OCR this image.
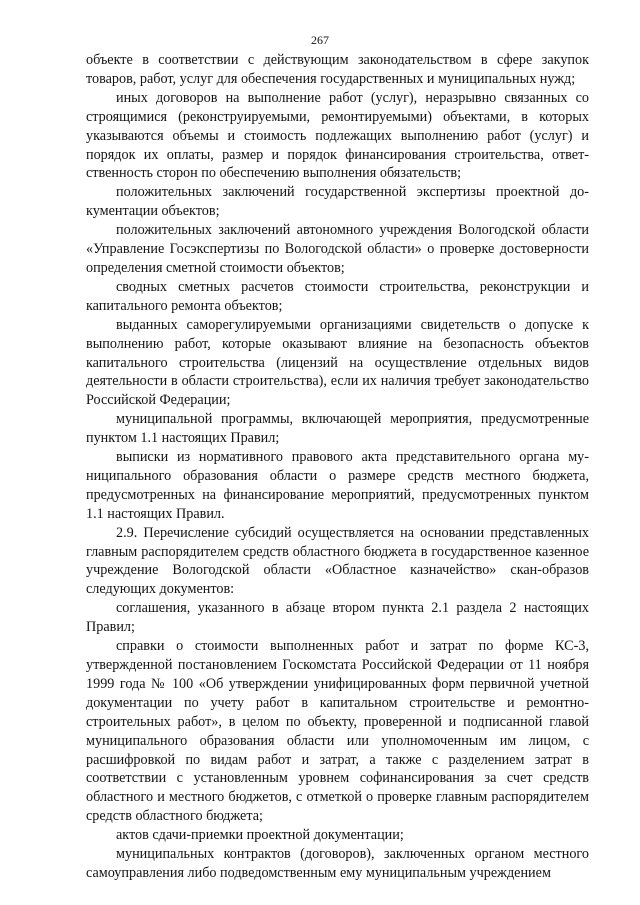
267

объекте в соответствии с действующим законодательством в сфере закупок товаров, работ, услуг для обеспечения государственных и муниципальных нужд;

иных договоров на выполнение работ (услуг), неразрывно связанных со строящимися (реконструируемыми, ремонтируемыми) объектами, в которых указываются объемы и стоимость подлежащих выполнению работ (услуг) и порядок их оплаты, размер и порядок финансирования строительства, ответственность сторон по обеспечению выполнения обязательств;

положительных заключений государственной экспертизы проектной документации объектов;

положительных заключений автономного учреждения Вологодской области «Управление Госэкспертизы по Вологодской области» о проверке достоверности определения сметной стоимости объектов;

сводных сметных расчетов стоимости строительства, реконструкции и капитального ремонта объектов;

выданных саморегулируемыми организациями свидетельств о допуске к выполнению работ, которые оказывают влияние на безопасность объектов капитального строительства (лицензий на осуществление отдельных видов деятельности в области строительства), если их наличия требует законодательство Российской Федерации;

муниципальной программы, включающей мероприятия, предусмотренные пунктом 1.1 настоящих Правил;

выписки из нормативного правового акта представительного органа муниципального образования области о размере средств местного бюджета, предусмотренных на финансирование мероприятий, предусмотренных пунктом 1.1 настоящих Правил.

2.9. Перечисление субсидий осуществляется на основании представленных главным распорядителем средств областного бюджета в государственное казенное учреждение Вологодской области «Областное казначейство» скан-образов следующих документов:

соглашения, указанного в абзаце втором пункта 2.1 раздела 2 настоящих Правил;

справки о стоимости выполненных работ и затрат по форме КС-3, утвержденной постановлением Госкомстата Российской Федерации от 11 ноября 1999 года № 100 «Об утверждении унифицированных форм первичной учетной документации по учету работ в капитальном строительстве и ремонтно-строительных работ», в целом по объекту, проверенной и подписанной главой муниципального образования области или уполномоченным им лицом, с расшифровкой по видам работ и затрат, а также с разделением затрат в соответствии с установленным уровнем софинансирования за счет средств областного и местного бюджетов, с отметкой о проверке главным распорядителем средств областного бюджета;

актов сдачи-приемки проектной документации;

муниципальных контрактов (договоров), заключенных органом местного самоуправления либо подведомственным ему муниципальным учреждением
